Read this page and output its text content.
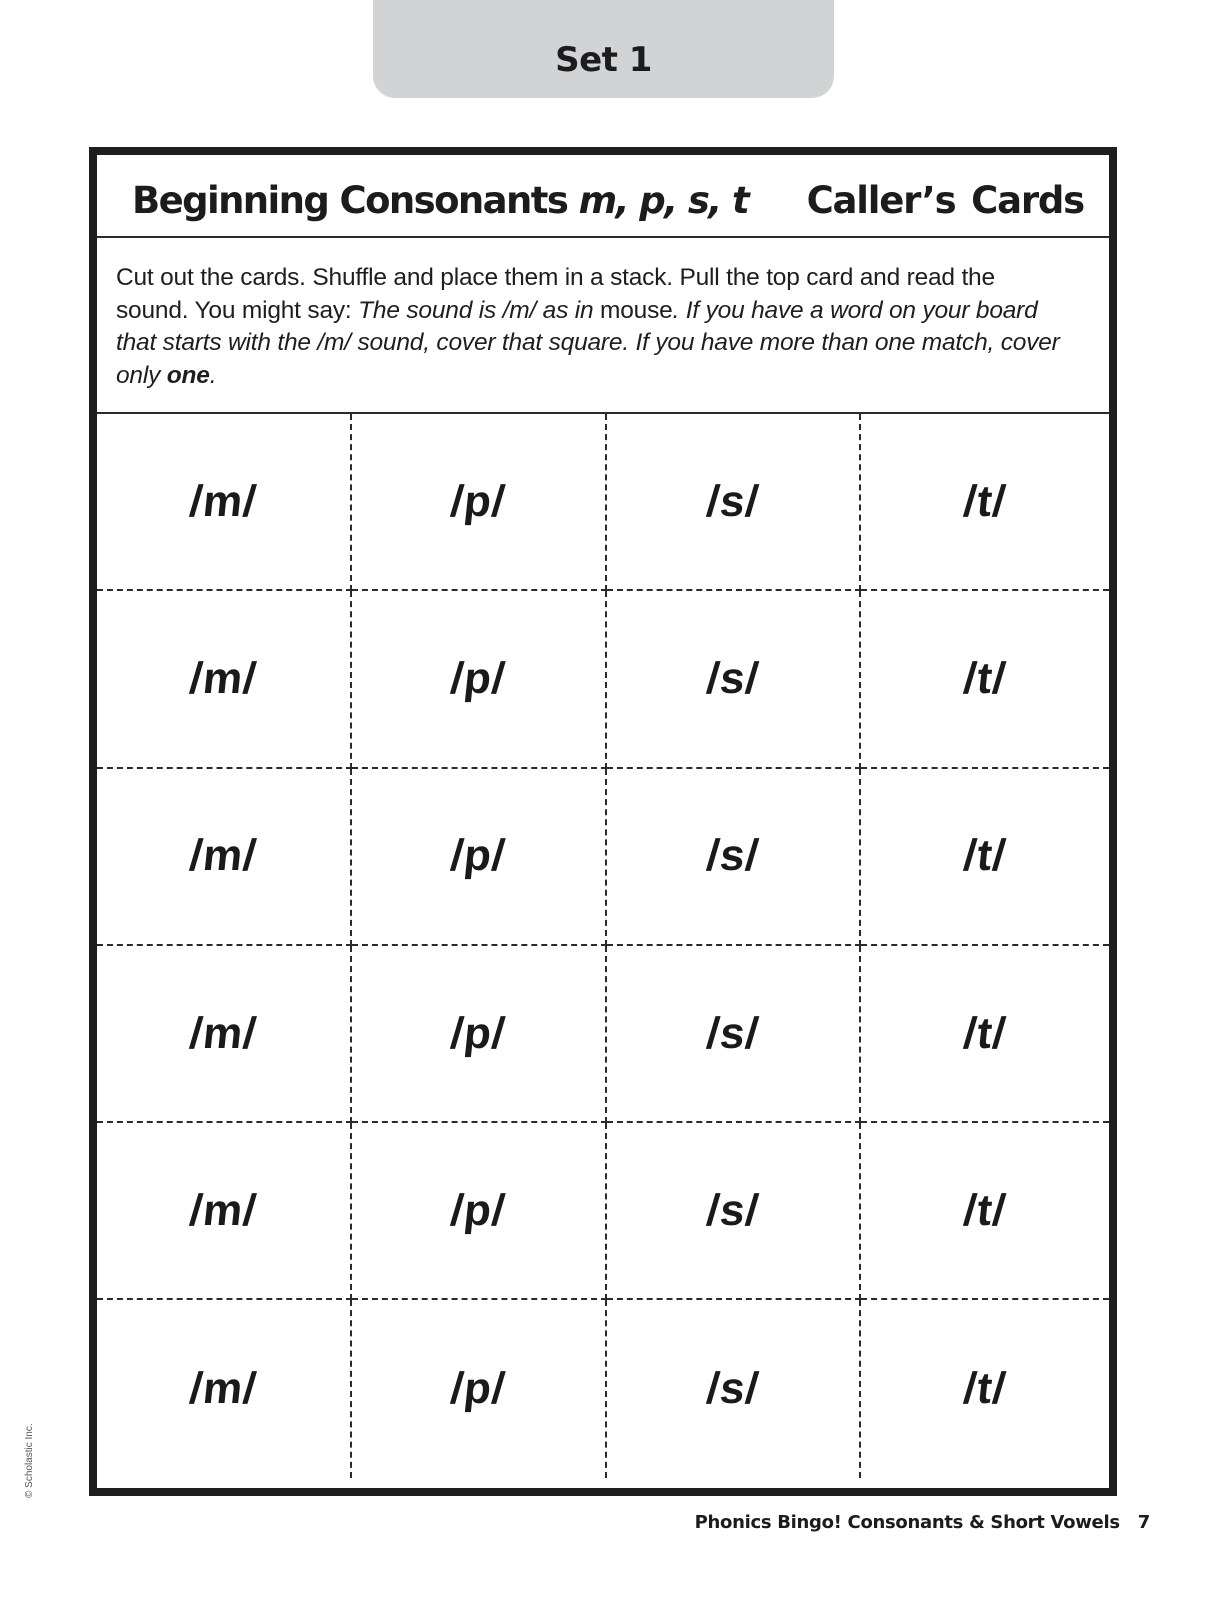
Set 1
Beginning Consonants m, p, s, t Caller’s Cards
Cut out the cards. Shuffle and place them in a stack. Pull the top card and read the sound. You might say: The sound is /m/ as in mouse. If you have a word on your board that starts with the /m/ sound, cover that square. If you have more than one match, cover only one.
/m/	/p/	/s/	/t/
/m/	/p/	/s/	/t/
/m/	/p/	/s/	/t/
/m/	/p/	/s/	/t/
/m/	/p/	/s/	/t/
/m/	/p/	/s/	/t/
Phonics Bingo! Consonants & Short Vowels 7
© Scholastic Inc.
